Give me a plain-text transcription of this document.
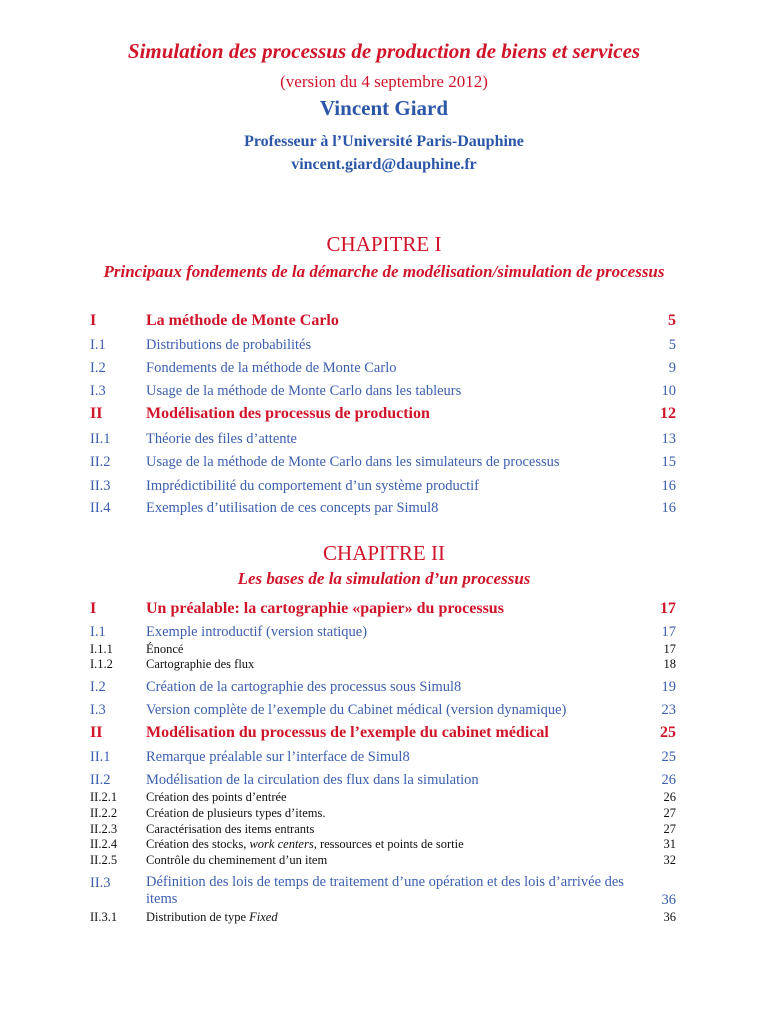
Simulation des processus de production de biens et services
(version du 4 septembre 2012)
Vincent Giard
Professeur à l’Université Paris-Dauphine
vincent.giard@dauphine.fr
CHAPITRE I
Principaux fondements de la démarche de modélisation/simulation de processus
I	La méthode de Monte Carlo	5
I.1	Distributions de probabilités	5
I.2	Fondements de la méthode de Monte Carlo	9
I.3	Usage de la méthode de Monte Carlo dans les tableurs	10
II	Modélisation des processus de production	12
II.1 Théorie des files d’attente	13
II.2 Usage de la méthode de Monte Carlo dans les simulateurs de processus	15
II.3 Imprédictibilité du comportement d’un système productif	16
II.4 Exemples d’utilisation de ces concepts par Simul8	16
CHAPITRE II
Les bases de la simulation d’un processus
I	Un préalable: la cartographie «papier» du processus	17
I.1	Exemple introductif (version statique)	17
I.1.1	Énoncé	17
I.1.2	Cartographie des flux	18
I.2	Création de la cartographie des processus sous Simul8	19
I.3	Version complète de l’exemple du Cabinet médical (version dynamique)	23
II	Modélisation du processus de l’exemple du cabinet médical	25
II.1 Remarque préalable sur l’interface de Simul8	25
II.2 Modélisation de la circulation des flux dans la simulation	26
II.2.1 Création des points d’entrée	26
II.2.2 Création de plusieurs types d’items.	27
II.2.3 Caractérisation des items entrants	27
II.2.4 Création des stocks, work centers, ressources et points de sortie	31
II.2.5 Contrôle du cheminement d’un item	32
II.3 Définition des lois de temps de traitement d’une opération et des lois d’arrivée des items	36
II.3.1 Distribution de type Fixed	36
